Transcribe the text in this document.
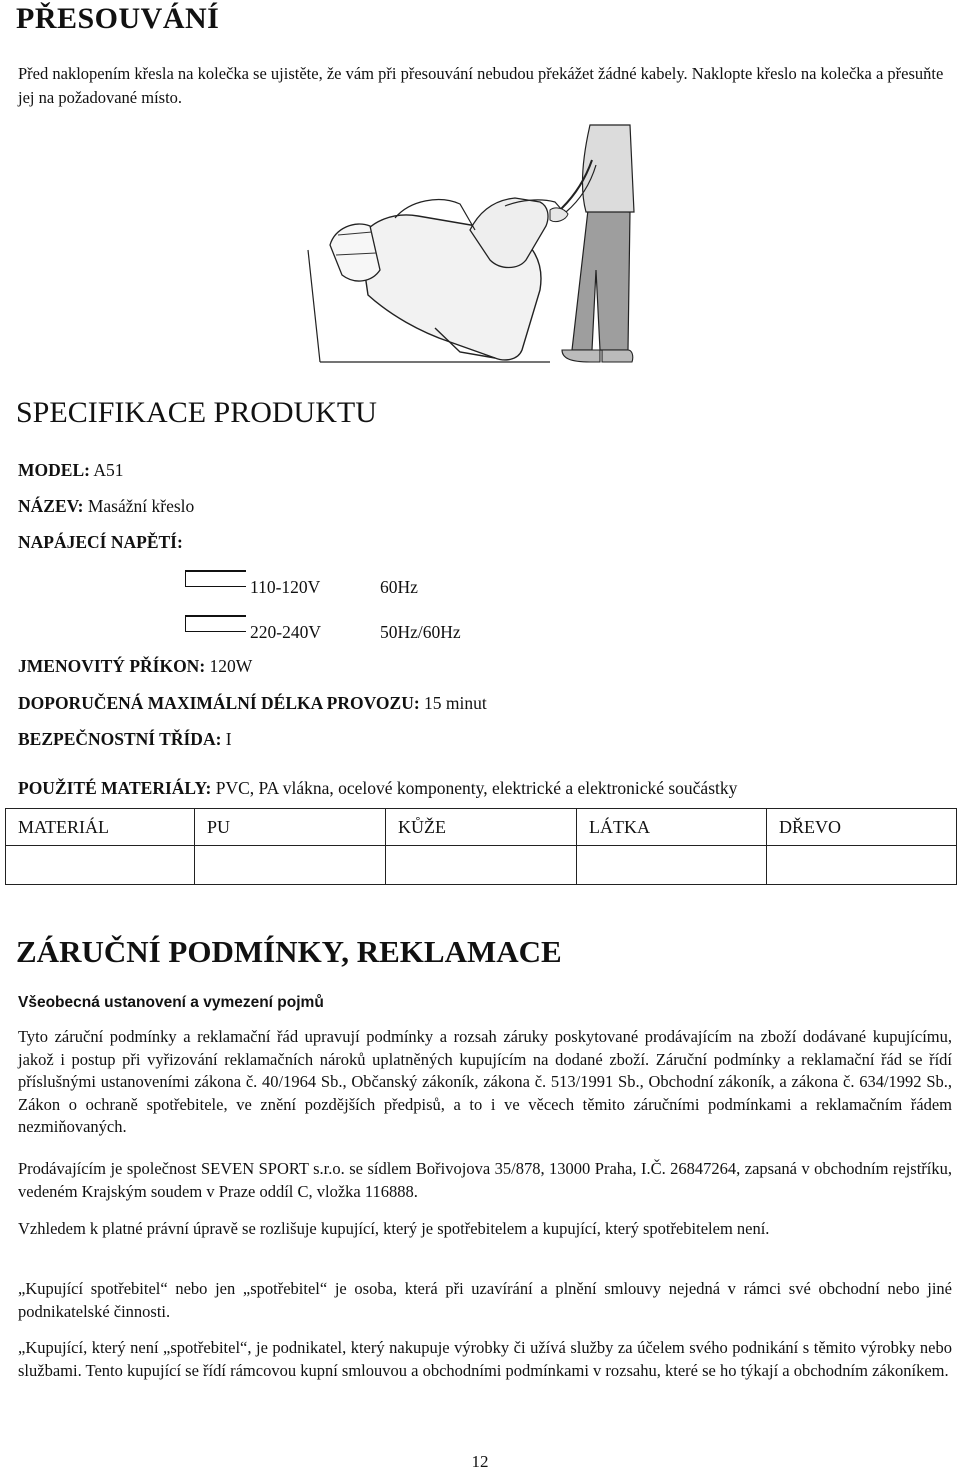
PŘESOUVÁNÍ
Před naklopením křesla na kolečka se ujistěte, že vám při přesouvání nebudou překážet žádné kabely. Naklopte křeslo na kolečka a přesuňte jej na požadované místo.
SPECIFIKACE PRODUKTU
MODEL: A51
NÁZEV: Masážní křeslo
NAPÁJECÍ NAPĚTÍ:
110-120V	60Hz
220-240V	50Hz/60Hz
JMENOVITÝ PŘÍKON: 120W
DOPORUČENÁ MAXIMÁLNÍ DÉLKA PROVOZU: 15 minut
BEZPEČNOSTNÍ TŘÍDA: I
POUŽITÉ MATERIÁLY: PVC, PA vlákna, ocelové komponenty, elektrické a elektronické součástky
MATERIÁL	PU	KŮŽE	LÁTKA	DŘEVO

ZÁRUČNÍ PODMÍNKY, REKLAMACE
Všeobecná ustanovení a vymezení pojmů
Tyto záruční podmínky a reklamační řád upravují podmínky a rozsah záruky poskytované prodávajícím na zboží dodávané kupujícímu, jakož i postup při vyřizování reklamačních nároků uplatněných kupujícím na dodané zboží. Záruční podmínky a reklamační řád se řídí příslušnými ustanoveními zákona č. 40/1964 Sb., Občanský zákoník, zákona č. 513/1991 Sb., Obchodní zákoník, a zákona č. 634/1992 Sb., Zákon o ochraně spotřebitele, ve znění pozdějších předpisů, a to i ve věcech těmito záručními podmínkami a reklamačním řádem nezmiňovaných.
Prodávajícím je společnost SEVEN SPORT s.r.o. se sídlem Bořivojova 35/878, 13000 Praha, I.Č. 26847264, zapsaná v obchodním rejstříku, vedeném Krajským soudem v Praze oddíl C, vložka 116888.
Vzhledem k platné právní úpravě se rozlišuje kupující, který je spotřebitelem a kupující, který spotřebitelem není.
„Kupující spotřebitel“ nebo jen „spotřebitel“ je osoba, která při uzavírání a plnění smlouvy nejedná v rámci své obchodní nebo jiné podnikatelské činnosti.
„Kupující, který není „spotřebitel“, je podnikatel, který nakupuje výrobky či užívá služby za účelem svého podnikání s těmito výrobky nebo službami. Tento kupující se řídí rámcovou kupní smlouvou a obchodními podmínkami v rozsahu, které se ho týkají a obchodním zákoníkem.
12
